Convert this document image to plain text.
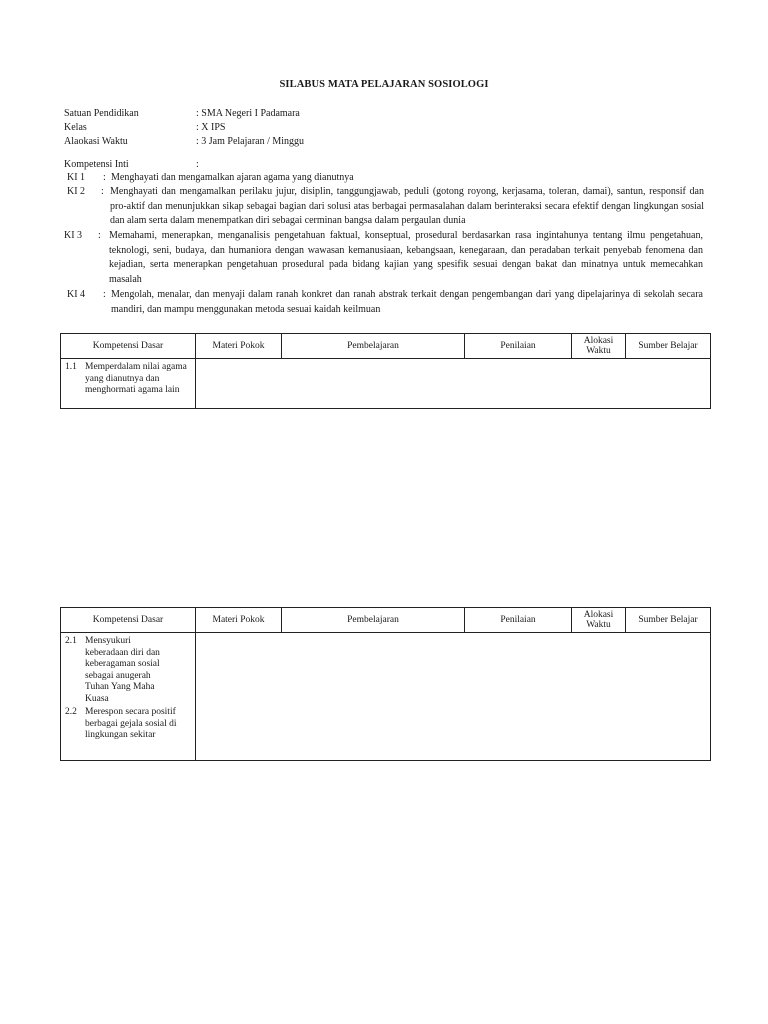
SILABUS MATA PELAJARAN SOSIOLOGI
Satuan Pendidikan	: SMA Negeri I Padamara
Kelas	: X IPS
Alaokasi Waktu	: 3 Jam Pelajaran / Minggu
Kompetensi Inti	:
KI 1 : Menghayati dan mengamalkan ajaran agama yang dianutnya
KI 2 : Menghayati dan mengamalkan perilaku jujur, disiplin, tanggungjawab, peduli (gotong royong, kerjasama, toleran, damai), santun, responsif dan pro-aktif dan menunjukkan sikap sebagai bagian dari solusi atas berbagai permasalahan dalam berinteraksi secara efektif dengan lingkungan sosial dan alam serta dalam menempatkan diri sebagai cerminan bangsa dalam pergaulan dunia
KI 3 : Memahami, menerapkan, menganalisis pengetahuan faktual, konseptual, prosedural berdasarkan rasa ingintahunya tentang ilmu pengetahuan, teknologi, seni, budaya, dan humaniora dengan wawasan kemanusiaan, kebangsaan, kenegaraan, dan peradaban terkait penyebab fenomena dan kejadian, serta menerapkan pengetahuan prosedural pada bidang kajian yang spesifik sesuai dengan bakat dan minatnya untuk memecahkan masalah
KI 4 : Mengolah, menalar, dan menyaji dalam ranah konkret dan ranah abstrak terkait dengan pengembangan dari yang dipelajarinya di sekolah secara mandiri, dan mampu menggunakan metoda sesuai kaidah keilmuan
Kompetensi Dasar	Materi Pokok	Pembelajaran	Penilaian	Alokasi Waktu	Sumber Belajar

1.1 Memperdalam nilai agama yang dianutnya dan menghormati agama lain					

Kompetensi Dasar	Materi Pokok	Pembelajaran	Penilaian	Alokasi Waktu	Sumber Belajar

2.1 Mensyukuri keberadaan diri dan keberagaman sosial sebagai anugerah Tuhan Yang Maha Kuasa
2.2 Merespon secara positif berbagai gejala sosial di lingkungan sekitar					
